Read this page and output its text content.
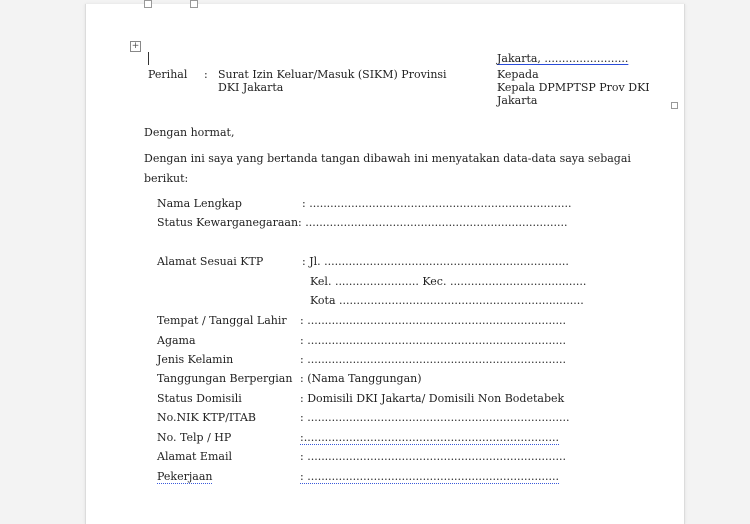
+
Perihal : Surat Izin Keluar/Masuk (SIKM) Provinsi
DKI Jakarta
Jakarta, ........................
Kepada
Kepala DPMPTSP Prov DKI
Jakarta
Dengan hormat,
Dengan ini saya yang bertanda tangan dibawah ini menyatakan data-data saya sebagai
berikut:
Nama Lengkap	: ...........................................................................
Status Kewarganegaraan : ...........................................................................
Alamat Sesuai KTP	: Jl. ......................................................................
Kel. ........................ Kec. .......................................
Kota ......................................................................
Tempat / Tanggal Lahir : ..........................................................................
Agama	: ..........................................................................
Jenis Kelamin	: ..........................................................................
Tanggungan Berpergian : (Nama Tanggungan)
Status Domisili	: Domisili DKI Jakarta/ Domisili Non Bodetabek
No.NIK KTP/ITAB	: ...........................................................................
No. Telp / HP	:.........................................................................
Alamat Email	: ..........................................................................
Pekerjaan	: ........................................................................
